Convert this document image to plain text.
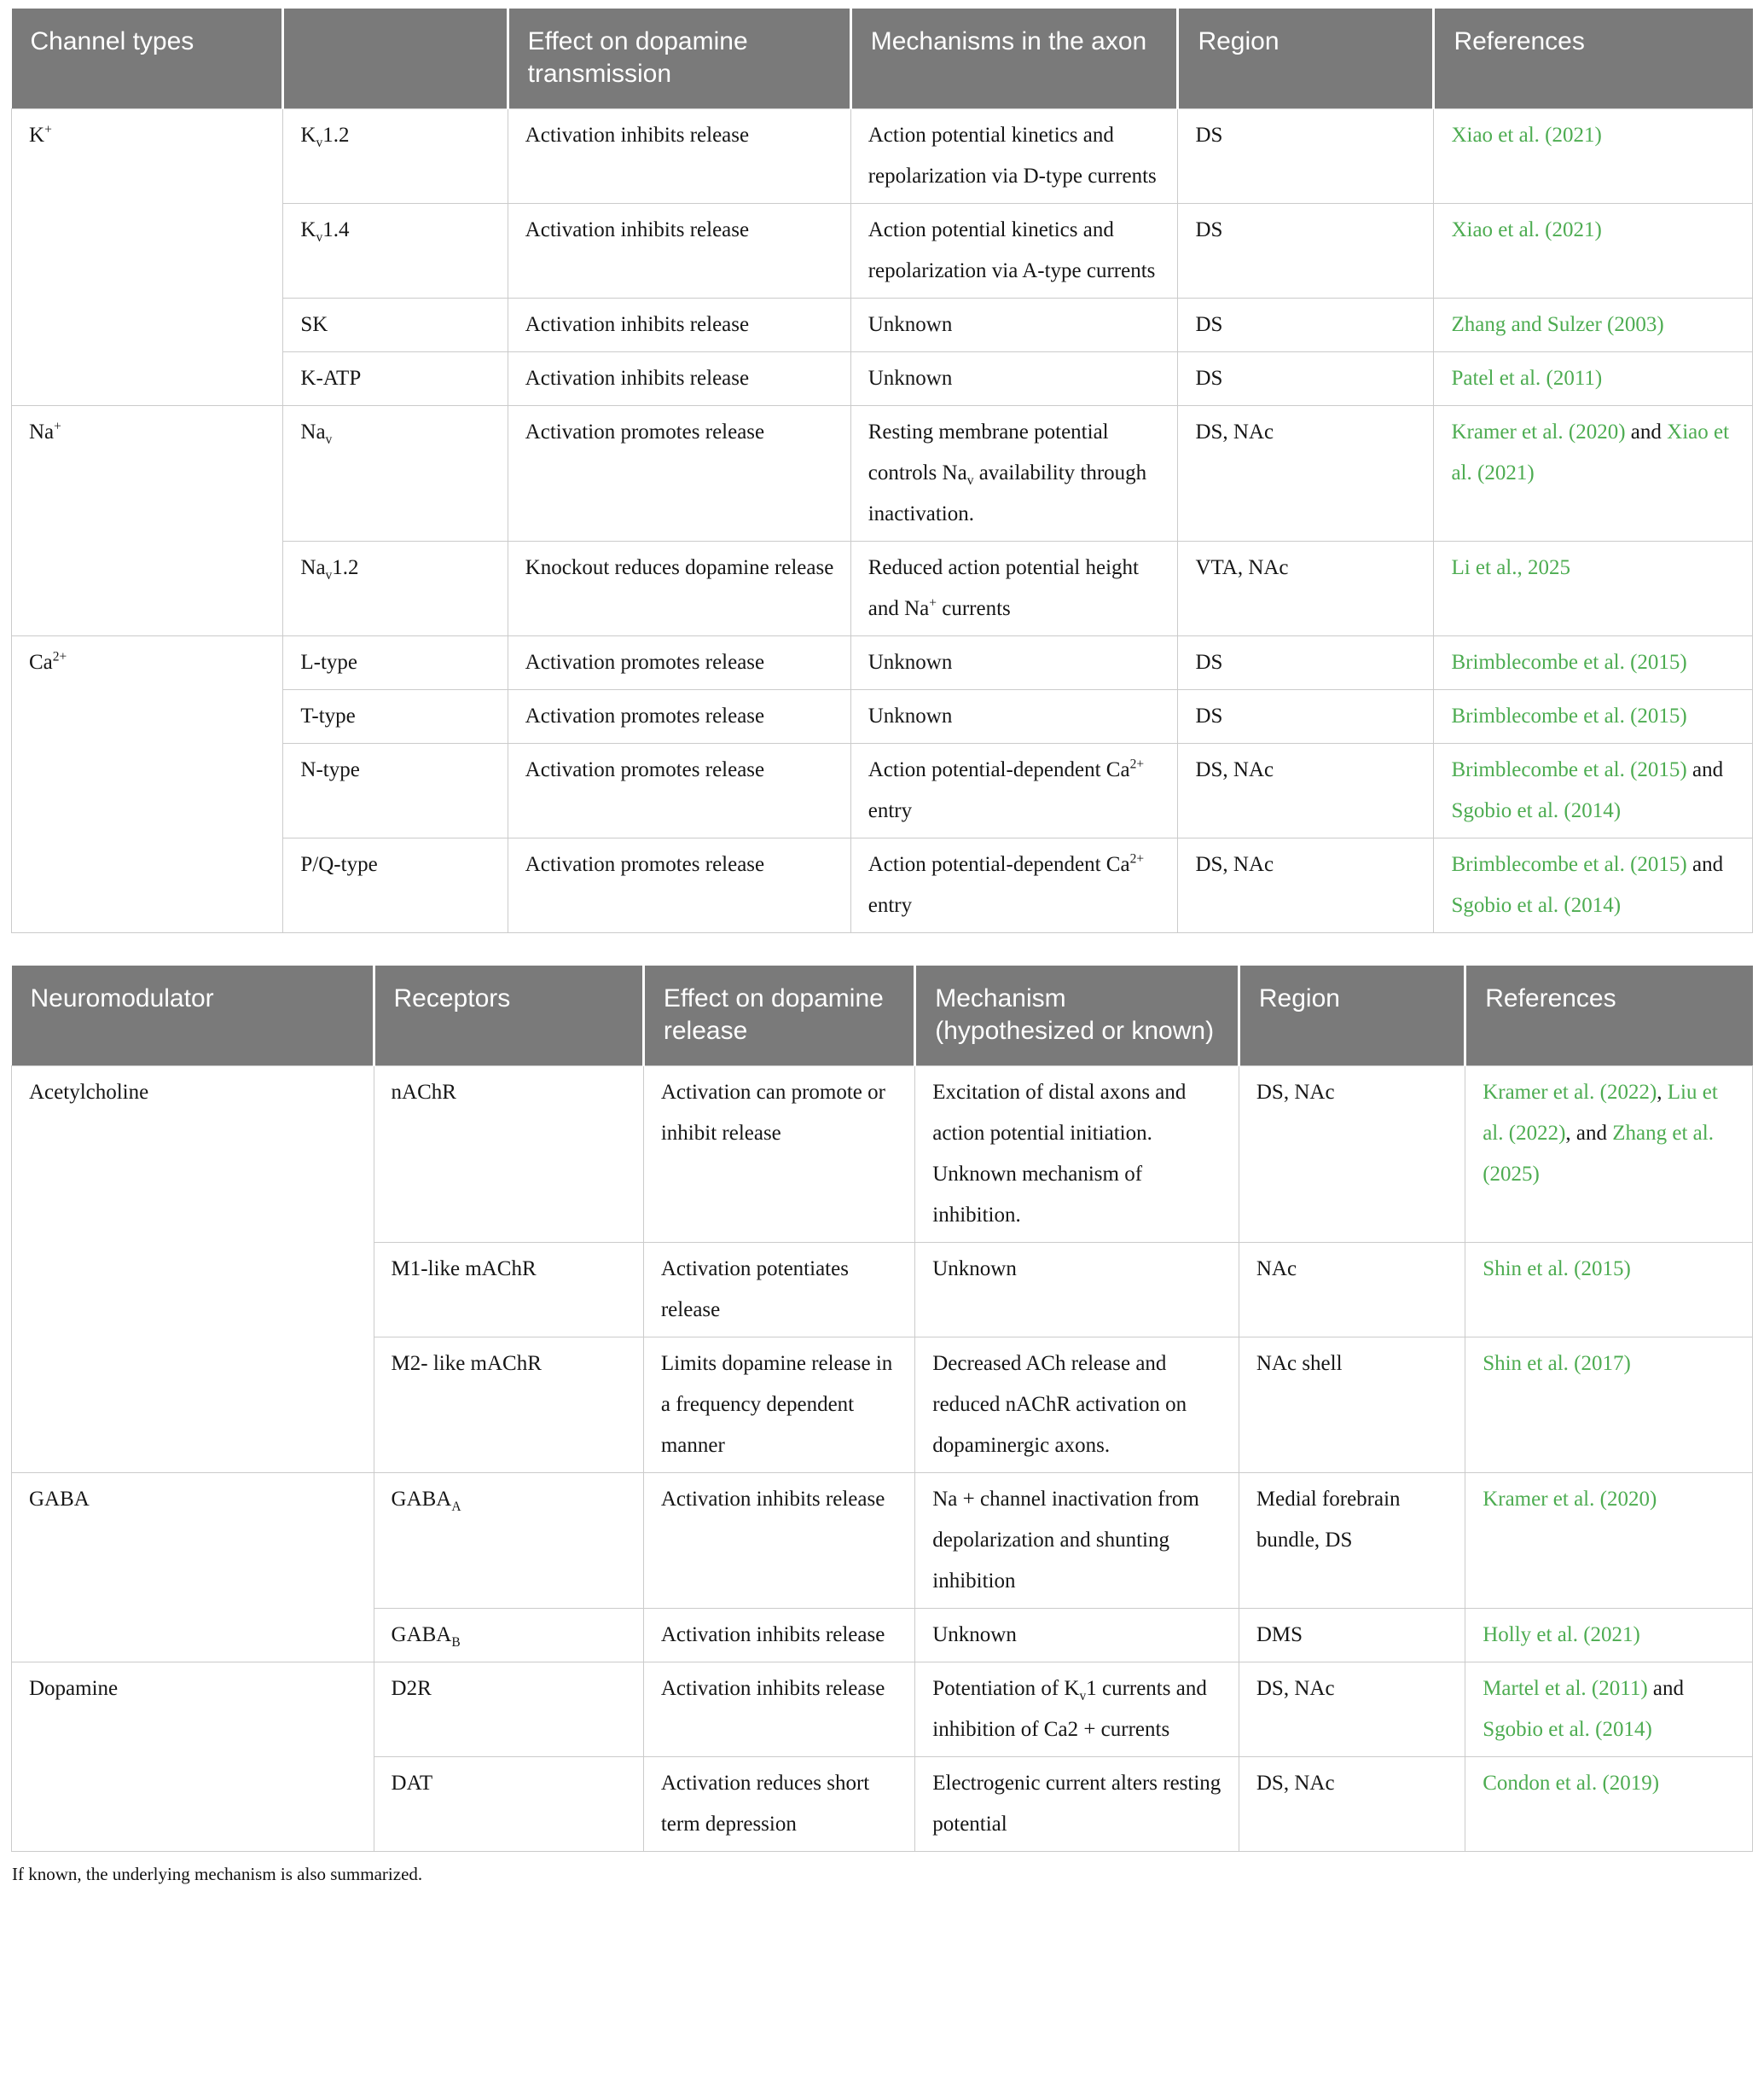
Channel types		Effect on dopamine transmission	Mechanisms in the axon	Region	References
K+	$K_v1.2$	Activation inhibits release	Action potential kinetics and repolarization via D-type currents	DS	Xiao et al. (2021)
	$K_v1.4$	Activation inhibits release	Action potential kinetics and repolarization via A-type currents	DS	Xiao et al. (2021)
	SK	Activation inhibits release	Unknown	DS	Zhang and Sulzer (2003)
	K-ATP	Activation inhibits release	Unknown	DS	Patel et al. (2011)
Na+	$Na_v$	Activation promotes release	Resting membrane potential controls $Na_v$ availability through inactivation.	DS, NAc	Kramer et al. (2020) and Xiao et al. (2021)
	$Na_v1.2$	Knockout reduces dopamine release	Reduced action potential height and Na+ currents	VTA, NAc	Li et al., 2025
$Ca^{2+}$	L-type	Activation promotes release	Unknown	DS	Brimblecombe et al. (2015)
	T-type	Activation promotes release	Unknown	DS	Brimblecombe et al. (2015)
	N-type	Activation promotes release	Action potential-dependent $Ca^{2+}$ entry	DS, NAc	Brimblecombe et al. (2015) and Sgobio et al. (2014)
	P/Q-type	Activation promotes release	Action potential-dependent $Ca^{2+}$ entry	DS, NAc	Brimblecombe et al. (2015) and Sgobio et al. (2014)
Neuromodulator	Receptors	Effect on dopamine release	Mechanism (hypothesized or known)	Region	References
Acetylcholine	nAChR	Activation can promote or inhibit release	Excitation of distal axons and action potential initiation. Unknown mechanism of inhibition.	DS, NAc	Kramer et al. (2022), Liu et al. (2022), and Zhang et al. (2025)
	M1-like mAChR	Activation potentiates release	Unknown	NAc	Shin et al. (2015)
	M2- like mAChR	Limits dopamine release in a frequency dependent manner	Decreased ACh release and reduced nAChR activation on dopaminergic axons.	NAc shell	Shin et al. (2017)
GABA	$GABA_A$	Activation inhibits release	Na + channel inactivation from depolarization and shunting inhibition	Medial forebrain bundle, DS	Kramer et al. (2020)
	$GABA_B$	Activation inhibits release	Unknown	DMS	Holly et al. (2021)
Dopamine	D2R	Activation inhibits release	Potentiation of $K_v1$ currents and inhibition of Ca2 + currents	DS, NAc	Martel et al. (2011) and Sgobio et al. (2014)
	DAT	Activation reduces short term depression	Electrogenic current alters resting potential	DS, NAc	Condon et al. (2019)
If known, the underlying mechanism is also summarized.
